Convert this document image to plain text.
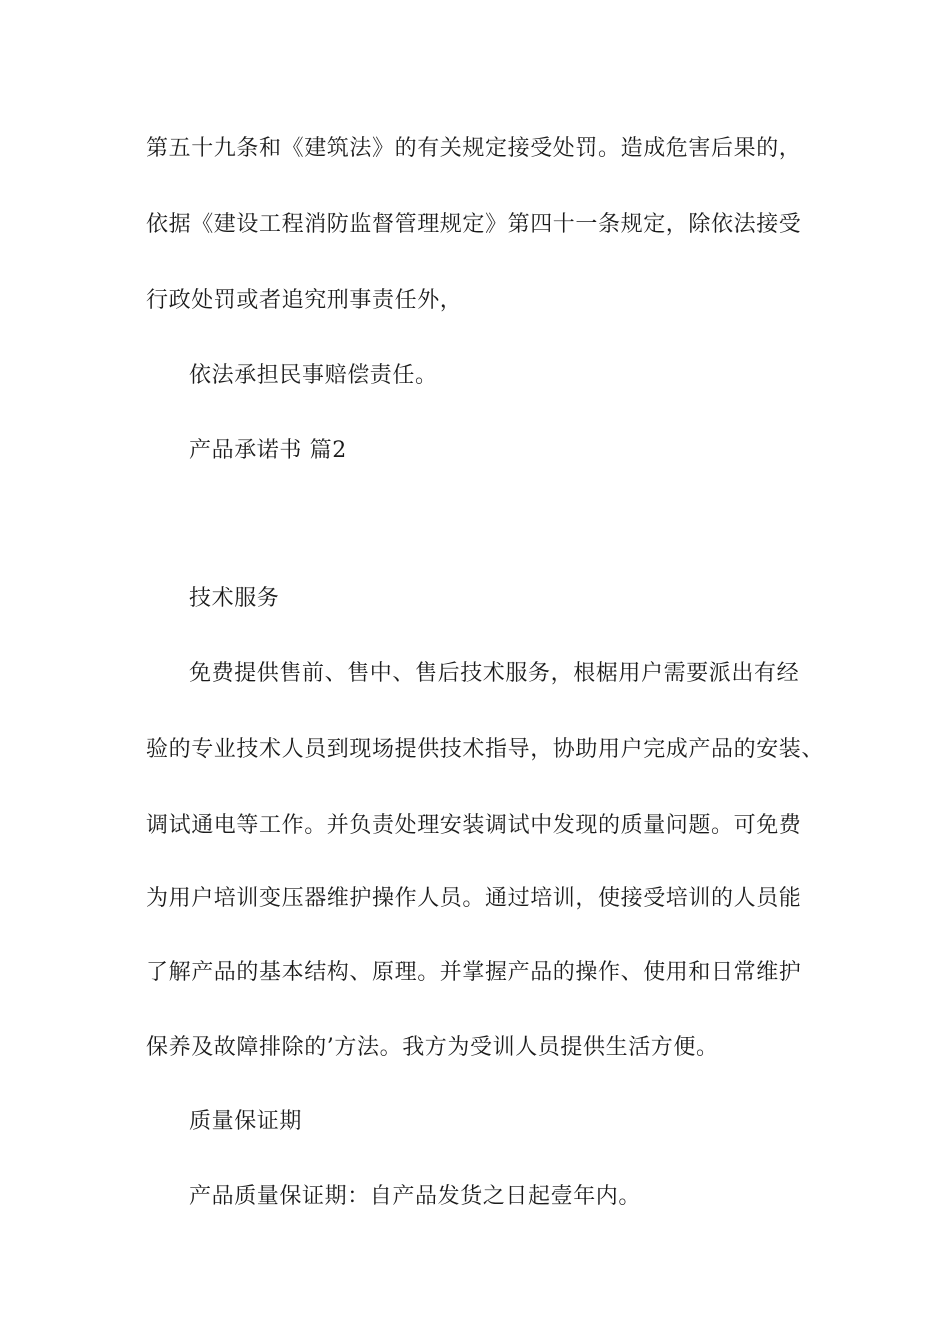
第五十九条和《建筑法》的有关规定接受处罚。造成危害后果的，
依据《建设工程消防监督管理规定》第四十一条规定，除依法接受
行政处罚或者追究刑事责任外，
依法承担民事赔偿责任。
产品承诺书 篇2
技术服务
免费提供售前、售中、售后技术服务，根椐用户需要派出有经
验的专业技术人员到现场提供技术指导，协助用户完成产品的安装、
调试通电等工作。并负责处理安装调试中发现的质量问题。可免费
为用户培训变压器维护操作人员。通过培训，使接受培训的人员能
了解产品的基本结构、原理。并掌握产品的操作、使用和日常维护
保养及故障排除的’方法。我方为受训人员提供生活方便。
质量保证期
产品质量保证期：自产品发货之日起壹年内。
